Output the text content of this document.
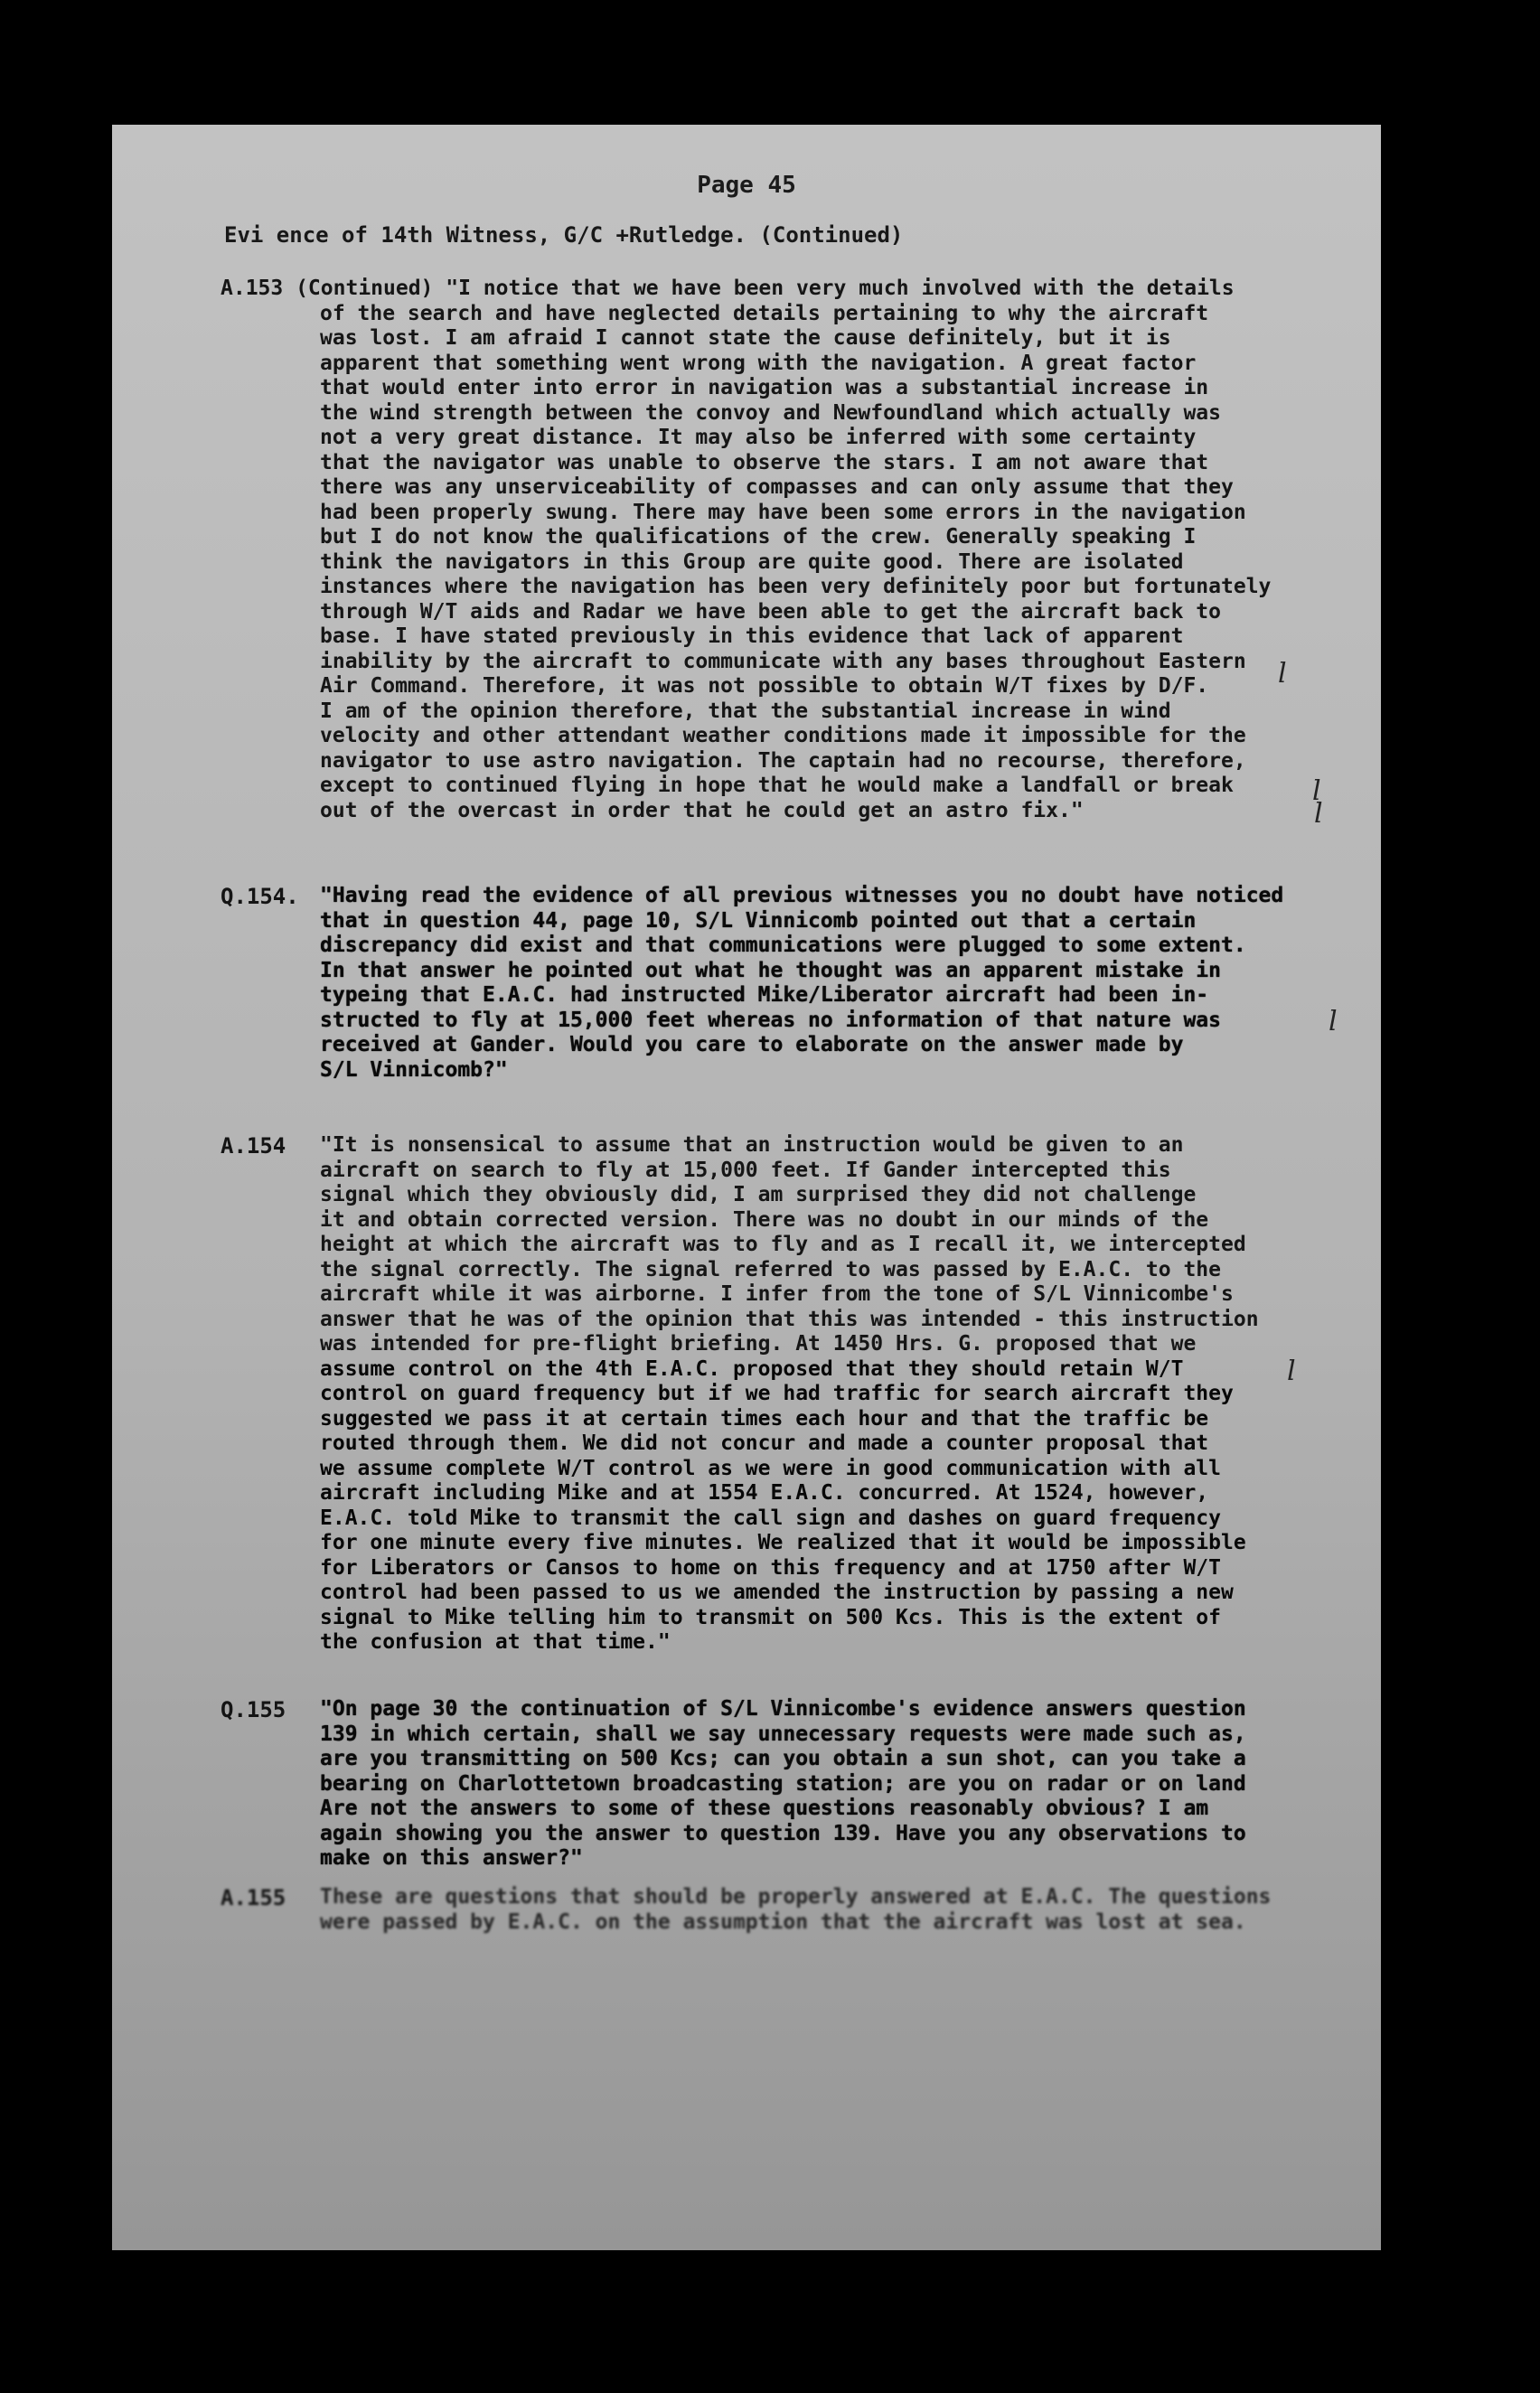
Page 45
Evi ence of 14th Witness, G/C +Rutledge. (Continued)
A.153 (Continued) "I notice that we have been very much involved with the details
of the search and have neglected details pertaining to why the aircraft
was lost. I am afraid I cannot state the cause definitely, but it is
apparent that something went wrong with the navigation. A great factor
that would enter into error in navigation was a substantial increase in
the wind strength between the convoy and Newfoundland which actually was
not a very great distance. It may also be inferred with some certainty
that the navigator was unable to observe the stars. I am not aware that
there was any unserviceability of compasses and can only assume that they
had been properly swung. There may have been some errors in the navigation
but I do not know the qualifications of the crew. Generally speaking I
think the navigators in this Group are quite good. There are isolated
instances where the navigation has been very definitely poor but fortunately
through W/T aids and Radar we have been able to get the aircraft back to
base. I have stated previously in this evidence that lack of apparent
inability by the aircraft to communicate with any bases throughout Eastern
Air Command. Therefore, it was not possible to obtain W/T fixes by D/F.
I am of the opinion therefore, that the substantial increase in wind
velocity and other attendant weather conditions made it impossible for the
navigator to use astro navigation. The captain had no recourse, therefore,
except to continued flying in hope that he would make a landfall or break
out of the overcast in order that he could get an astro fix."
Q.154.	"Having read the evidence of all previous witnesses you no doubt have noticed
that in question 44, page 10, S/L Vinnicomb pointed out that a certain
discrepancy did exist and that communications were plugged to some extent.
In that answer he pointed out what he thought was an apparent mistake in
typeing that E.A.C. had instructed Mike/Liberator aircraft had been in-
structed to fly at 15,000 feet whereas no information of that nature was
received at Gander. Would you care to elaborate on the answer made by
S/L Vinnicomb?"
A.154	"It is nonsensical to assume that an instruction would be given to an
aircraft on search to fly at 15,000 feet. If Gander intercepted this
signal which they obviously did, I am surprised they did not challenge
it and obtain corrected version. There was no doubt in our minds of the
height at which the aircraft was to fly and as I recall it, we intercepted
the signal correctly. The signal referred to was passed by E.A.C. to the
aircraft while it was airborne. I infer from the tone of S/L Vinnicombe's
answer that he was of the opinion that this was intended - this instruction
was intended for pre-flight briefing. At 1450 Hrs. G. proposed that we
assume control on the 4th E.A.C. proposed that they should retain W/T
control on guard frequency but if we had traffic for search aircraft they
suggested we pass it at certain times each hour and that the traffic be
routed through them. We did not concur and made a counter proposal that
we assume complete W/T control as we were in good communication with all
aircraft including Mike and at 1554 E.A.C. concurred. At 1524, however,
E.A.C. told Mike to transmit the call sign and dashes on guard frequency
for one minute every five minutes. We realized that it would be impossible
for Liberators or Cansos to home on this frequency and at 1750 after W/T
control had been passed to us we amended the instruction by passing a new
signal to Mike telling him to transmit on 500 Kcs. This is the extent of
the confusion at that time."
Q.155	"On page 30 the continuation of S/L Vinnicombe's evidence answers question
139 in which certain, shall we say unnecessary requests were made such as,
are you transmitting on 500 Kcs; can you obtain a sun shot, can you take a
bearing on Charlottetown broadcasting station; are you on radar or on land
Are not the answers to some of these questions reasonably obvious? I am
again showing you the answer to question 139. Have you any observations to
make on this answer?"
A.155	These are questions that should be properly answered at E.A.C. The questions
were passed by E.A.C. on the assumption that the aircraft was lost at sea.
l
l
l
l
l
